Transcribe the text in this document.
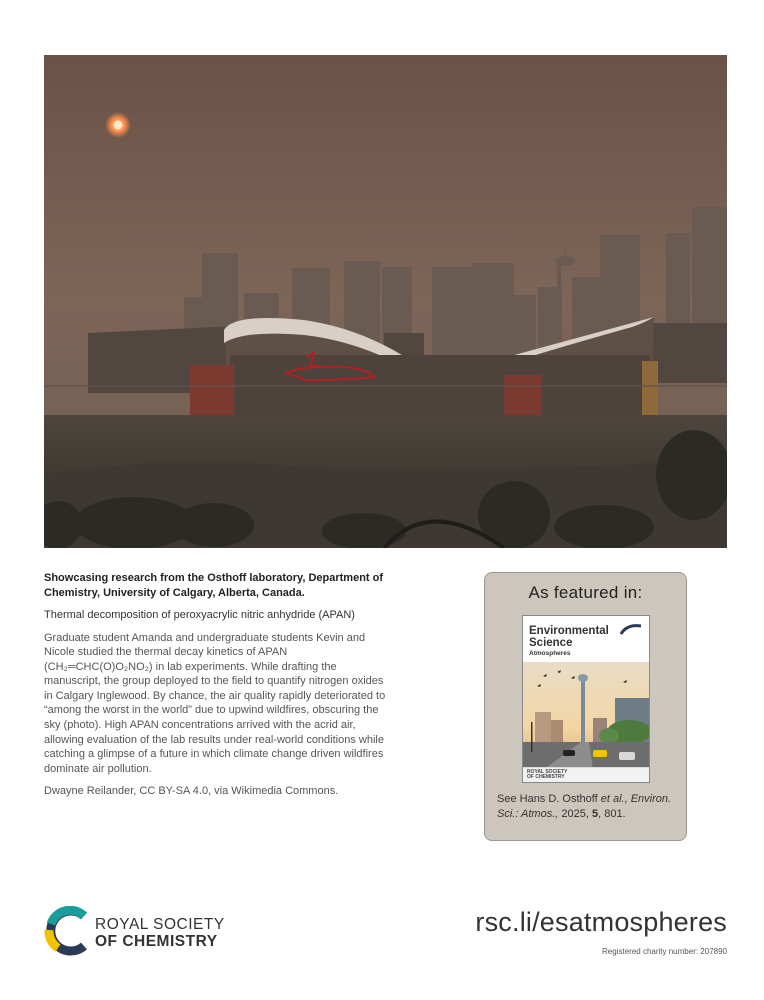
Showcasing research from the Osthoff laboratory, Department of Chemistry, University of Calgary, Alberta, Canada.

Thermal decomposition of peroxyacrylic nitric anhydride (APAN)

Graduate student Amanda and undergraduate students Kevin and Nicole studied the thermal decay kinetics of APAN (CH₂═CHC(O)O₂NO₂) in lab experiments. While drafting the manuscript, the group deployed to the field to quantify nitrogen oxides in Calgary Inglewood. By chance, the air quality rapidly deteriorated to “among the worst in the world” due to upwind wildfires, obscuring the sky (photo). High APAN concentrations arrived with the acrid air, allowing evaluation of the lab results under real-world conditions while catching a glimpse of a future in which climate change driven wildfires dominate air pollution.

Dwayne Reilander, CC BY-SA 4.0, via Wikimedia Commons.

As featured in:
Environmental
Science
Atmospheres
ROYAL SOCIETY
OF CHEMISTRY
See Hans D. Osthoff et al., Environ. Sci.: Atmos., 2025, 5, 801.
ROYAL SOCIETY
OF CHEMISTRY
rsc.li/esatmospheres
Registered charity number: 207890
